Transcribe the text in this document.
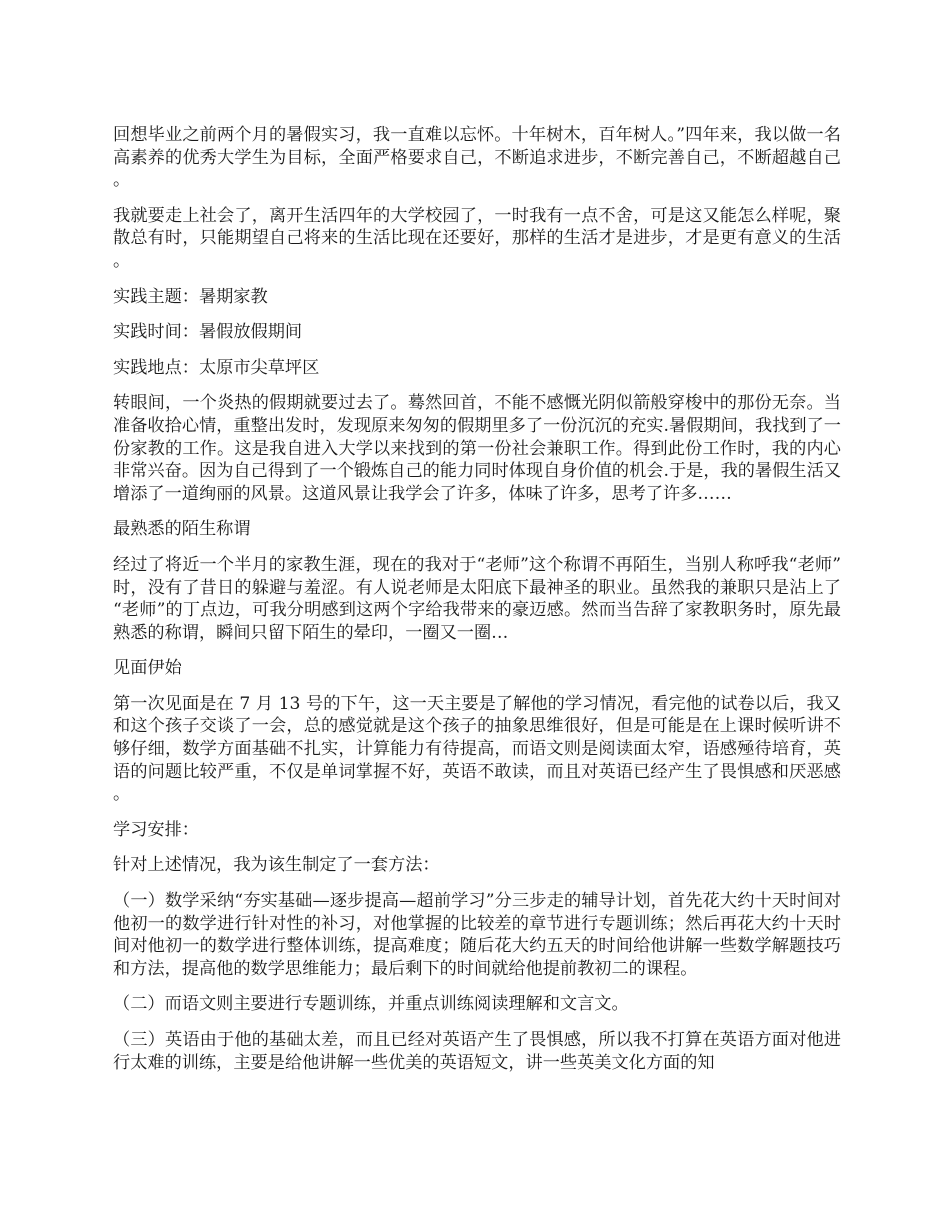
回想毕业之前两个月的暑假实习，我一直难以忘怀。十年树木，百年树人。”四年来，我以做一名高素养的优秀大学生为目标，全面严格要求自己，不断追求进步，不断完善自己，不断超越自己。

我就要走上社会了，离开生活四年的大学校园了，一时我有一点不舍，可是这又能怎么样呢，聚散总有时，只能期望自己将来的生活比现在还要好，那样的生活才是进步，才是更有意义的生活。

实践主题：暑期家教

实践时间：暑假放假期间

实践地点：太原市尖草坪区

转眼间，一个炎热的假期就要过去了。蓦然回首，不能不感慨光阴似箭般穿梭中的那份无奈。当准备收拾心情，重整出发时，发现原来匆匆的假期里多了一份沉沉的充实.暑假期间，我找到了一份家教的工作。这是我自进入大学以来找到的第一份社会兼职工作。得到此份工作时，我的内心非常兴奋。因为自己得到了一个锻炼自己的能力同时体现自身价值的机会.于是，我的暑假生活又增添了一道绚丽的风景。这道风景让我学会了许多，体味了许多，思考了许多……

最熟悉的陌生称谓

经过了将近一个半月的家教生涯，现在的我对于“老师”这个称谓不再陌生，当别人称呼我“老师”时，没有了昔日的躲避与羞涩。有人说老师是太阳底下最神圣的职业。虽然我的兼职只是沾上了“老师”的丁点边，可我分明感到这两个字给我带来的豪迈感。然而当告辞了家教职务时，原先最熟悉的称谓，瞬间只留下陌生的晕印，一圈又一圈…

见面伊始

第一次见面是在 7 月 13 号的下午，这一天主要是了解他的学习情况，看完他的试卷以后，我又和这个孩子交谈了一会，总的感觉就是这个孩子的抽象思维很好，但是可能是在上课时候听讲不够仔细，数学方面基础不扎实，计算能力有待提高，而语文则是阅读面太窄，语感殛待培育，英语的问题比较严重，不仅是单词掌握不好，英语不敢读，而且对英语已经产生了畏惧感和厌恶感。

学习安排：

针对上述情况，我为该生制定了一套方法：

（一）数学采纳“夯实基础—逐步提高—超前学习”分三步走的辅导计划，首先花大约十天时间对他初一的数学进行针对性的补习，对他掌握的比较差的章节进行专题训练；然后再花大约十天时间对他初一的数学进行整体训练，提高难度；随后花大约五天的时间给他讲解一些数学解题技巧和方法，提高他的数学思维能力；最后剩下的时间就给他提前教初二的课程。

（二）而语文则主要进行专题训练，并重点训练阅读理解和文言文。

（三）英语由于他的基础太差，而且已经对英语产生了畏惧感，所以我不打算在英语方面对他进行太难的训练，主要是给他讲解一些优美的英语短文，讲一些英美文化方面的知
